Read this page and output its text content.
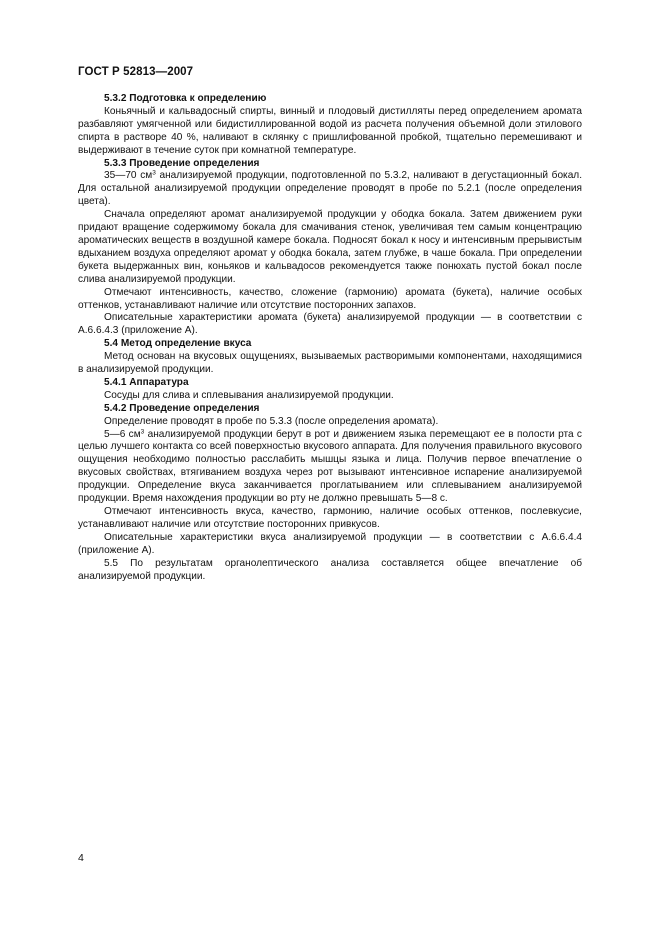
ГОСТ Р 52813—2007
5.3.2 Подготовка к определению

Коньячный и кальвадосный спирты, винный и плодовый дистилляты перед определением аромата разбавляют умягченной или бидистиллированной водой из расчета получения объемной доли этилового спирта в растворе 40 %, наливают в склянку с пришлифованной пробкой, тщательно перемешивают и выдерживают в течение суток при комнатной температуре.

5.3.3 Проведение определения

35—70 $см^3$ анализируемой продукции, подготовленной по 5.3.2, наливают в дегустационный бокал. Для остальной анализируемой продукции определение проводят в пробе по 5.2.1 (после определения цвета).

Сначала определяют аромат анализируемой продукции у ободка бокала. Затем движением руки придают вращение содержимому бокала для смачивания стенок, увеличивая тем самым концентрацию ароматических веществ в воздушной камере бокала. Подносят бокал к носу и интенсивным прерывистым вдыханием воздуха определяют аромат у ободка бокала, затем глубже, в чаше бокала. При определении букета выдержанных вин, коньяков и кальвадосов рекомендуется также понюхать пустой бокал после слива анализируемой продукции.

Отмечают интенсивность, качество, сложение (гармонию) аромата (букета), наличие особых оттенков, устанавливают наличие или отсутствие посторонних запахов.

Описательные характеристики аромата (букета) анализируемой продукции — в соответствии с А.6.6.4.3 (приложение А).

5.4 Метод определение вкуса

Метод основан на вкусовых ощущениях, вызываемых растворимыми компонентами, находящимися в анализируемой продукции.

5.4.1 Аппаратура

Сосуды для слива и сплевывания анализируемой продукции.

5.4.2 Проведение определения

Определение проводят в пробе по 5.3.3 (после определения аромата).

5—6 $см^3$ анализируемой продукции берут в рот и движением языка перемещают ее в полости рта с целью лучшего контакта со всей поверхностью вкусового аппарата. Для получения правильного вкусового ощущения необходимо полностью расслабить мышцы языка и лица. Получив первое впечатление о вкусовых свойствах, втягиванием воздуха через рот вызывают интенсивное испарение анализируемой продукции. Определение вкуса заканчивается проглатыванием или сплевыванием анализируемой продукции. Время нахождения продукции во рту не должно превышать 5—8 с.

Отмечают интенсивность вкуса, качество, гармонию, наличие особых оттенков, послевкусие, устанавливают наличие или отсутствие посторонних привкусов.

Описательные характеристики вкуса анализируемой продукции — в соответствии с А.6.6.4.4 (приложение А).

5.5 По результатам органолептического анализа составляется общее впечатление об анализируемой продукции.

4
